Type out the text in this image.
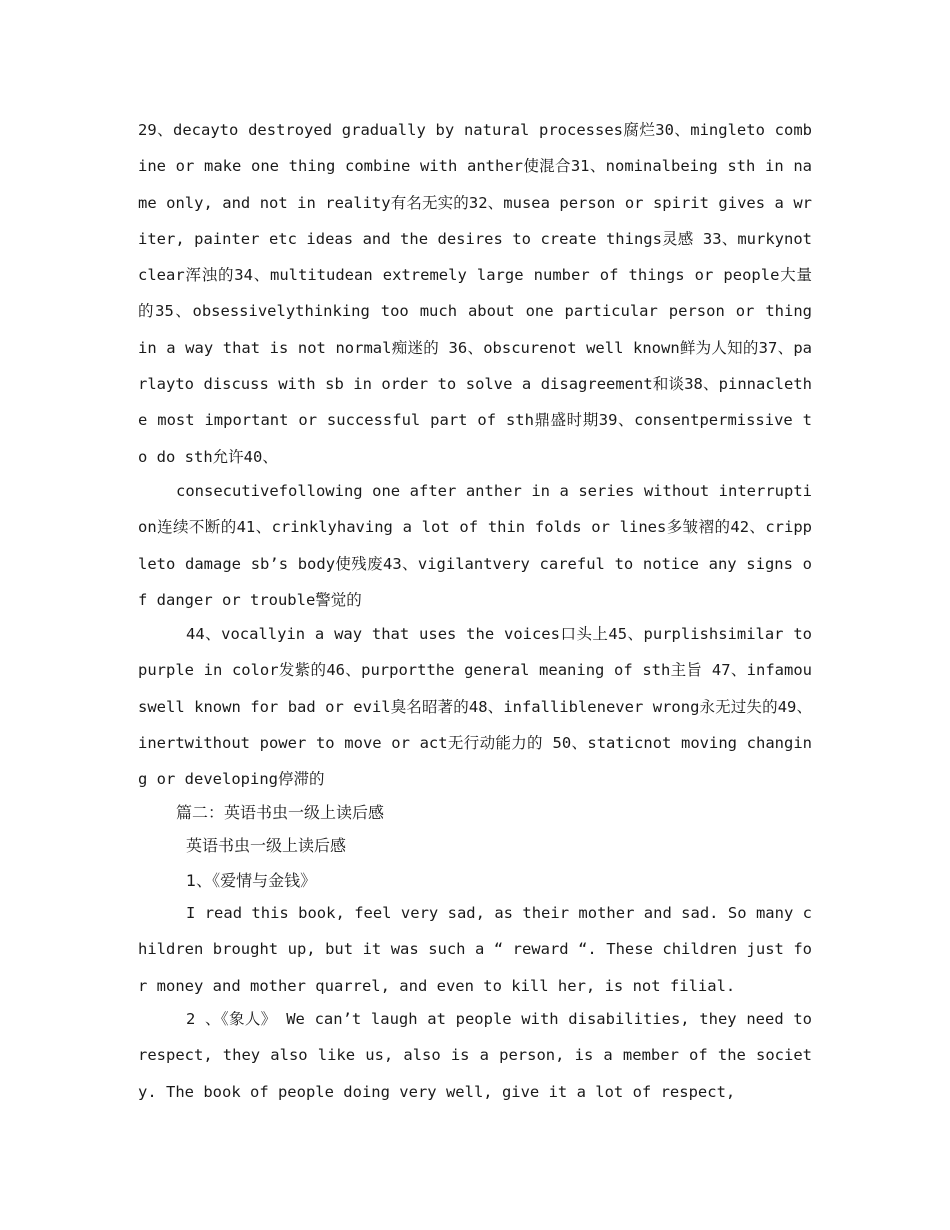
29、decayto destroyed gradually by natural processes腐烂30、mingleto combine or make one thing combine with anther使混合31、nominalbeing sth in name only, and not in reality有名无实的32、musea person or spirit gives a writer, painter etc ideas and the desires to create things灵感 33、murkynot clear浑浊的34、multitudean extremely large number of things or people大量的35、obsessivelythinking too much about one particular person or thing in a way that is not normal痴迷的 36、obscurenot well known鲜为人知的37、parlayto discuss with sb in order to solve a disagreement和谈38、pinnaclethe most important or successful part of sth鼎盛时期39、consentpermissive to do sth允许40、

consecutivefollowing one after anther in a series without interruption连续不断的41、crinklyhaving a lot of thin folds or lines多皱褶的42、crippleto damage sb’s body使残废43、vigilantvery careful to notice any signs of danger or trouble警觉的

44、vocallyin a way that uses the voices口头上45、purplishsimilar to purple in color发紫的46、purportthe general meaning of sth主旨 47、infamouswell known for bad or evil臭名昭著的48、infalliblenever wrong永无过失的49、inertwithout power to move or act无行动能力的 50、staticnot moving changing or developing停滞的

篇二：英语书虫一级上读后感
英语书虫一级上读后感
1、《爱情与金钱》

I read this book, feel very sad, as their mother and sad. So many children brought up, but it was such a “ reward “. These children just for money and mother quarrel, and even to kill her, is not filial.

2 、《象人》 We can’t laugh at people with disabilities, they need to respect, they also like us, also is a person, is a member of the society. The book of people doing very well, give it a lot of respect,
